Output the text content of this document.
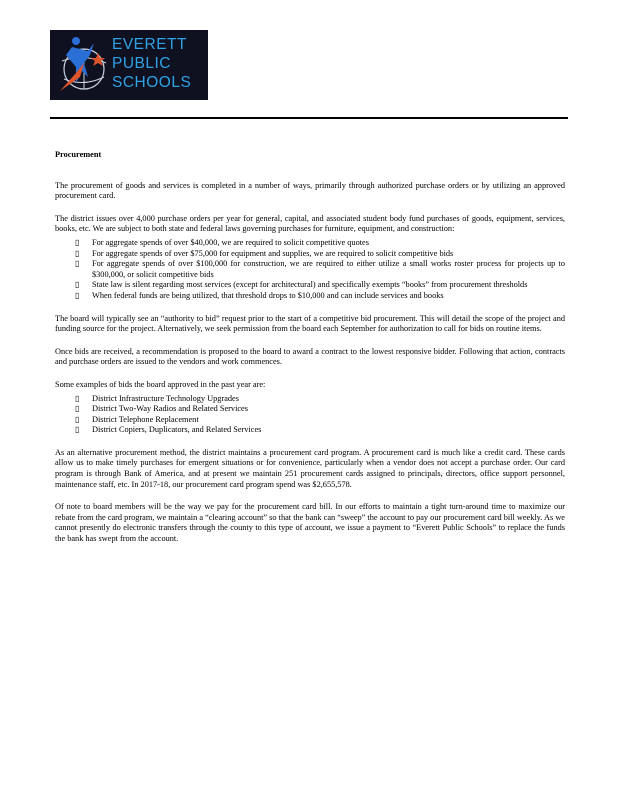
EVERETT
PUBLIC
SCHOOLS
Procurement

The procurement of goods and services is completed in a number of ways, primarily through authorized purchase orders or by utilizing an approved procurement card.

The district issues over 4,000 purchase orders per year for general, capital, and associated student body fund purchases of goods, equipment, services, books, etc. We are subject to both state and federal laws governing purchases for furniture, equipment, and construction:

▯ For aggregate spends of over $40,000, we are required to solicit competitive quotes
▯ For aggregate spends of over $75,000 for equipment and supplies, we are required to solicit competitive bids
▯ For aggregate spends of over $100,000 for construction, we are required to either utilize a small works roster process for projects up to $300,000, or solicit competitive bids
▯ State law is silent regarding most services (except for architectural) and specifically exempts “books” from procurement thresholds
▯ When federal funds are being utilized, that threshold drops to $10,000 and can include services and books

The board will typically see an “authority to bid” request prior to the start of a competitive bid procurement. This will detail the scope of the project and funding source for the project. Alternatively, we seek permission from the board each September for authorization to call for bids on routine items.

Once bids are received, a recommendation is proposed to the board to award a contract to the lowest responsive bidder. Following that action, contracts and purchase orders are issued to the vendors and work commences.

Some examples of bids the board approved in the past year are:

▯ District Infrastructure Technology Upgrades
▯ District Two-Way Radios and Related Services
▯ District Telephone Replacement
▯ District Copiers, Duplicators, and Related Services

As an alternative procurement method, the district maintains a procurement card program. A procurement card is much like a credit card. These cards allow us to make timely purchases for emergent situations or for convenience, particularly when a vendor does not accept a purchase order. Our card program is through Bank of America, and at present we maintain 251 procurement cards assigned to principals, directors, office support personnel, maintenance staff, etc. In 2017-18, our procurement card program spend was $2,655,578.

Of note to board members will be the way we pay for the procurement card bill. In our efforts to maintain a tight turn-around time to maximize our rebate from the card program, we maintain a “clearing account” so that the bank can “sweep” the account to pay our procurement card bill weekly. As we cannot presently do electronic transfers through the county to this type of account, we issue a payment to “Everett Public Schools” to replace the funds the bank has swept from the account.
